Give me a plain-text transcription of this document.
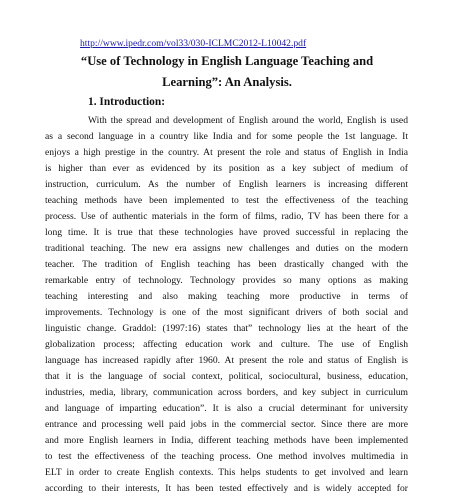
http://www.ipedr.com/vol33/030-ICLMC2012-L10042.pdf
“Use of Technology in English Language Teaching and
Learning”: An Analysis.
1. Introduction:

With the spread and development of English around the world, English is used
as a second language in a country like India and for some people the 1st language. It
enjoys a high prestige in the country. At present the role and status of English in India
is higher than ever as evidenced by its position as a key subject of medium of
instruction, curriculum. As the number of English learners is increasing different
teaching methods have been implemented to test the effectiveness of the teaching
process. Use of authentic materials in the form of films, radio, TV has been there for a
long time. It is true that these technologies have proved successful in replacing the
traditional teaching. The new era assigns new challenges and duties on the modern
teacher. The tradition of English teaching has been drastically changed with the
remarkable entry of technology. Technology provides so many options as making
teaching interesting and also making teaching more productive in terms of
improvements. Technology is one of the most significant drivers of both social and
linguistic change. Graddol: (1997:16) states that” technology lies at the heart of the
globalization process; affecting education work and culture. The use of English
language has increased rapidly after 1960. At present the role and status of English is
that it is the language of social context, political, sociocultural, business, education,
industries, media, library, communication across borders, and key subject in curriculum
and language of imparting education”. It is also a crucial determinant for university
entrance and processing well paid jobs in the commercial sector. Since there are more
and more English learners in India, different teaching methods have been implemented
to test the effectiveness of the teaching process. One method involves multimedia in
ELT in order to create English contexts. This helps students to get involved and learn
according to their interests, It has been tested effectively and is widely accepted for
